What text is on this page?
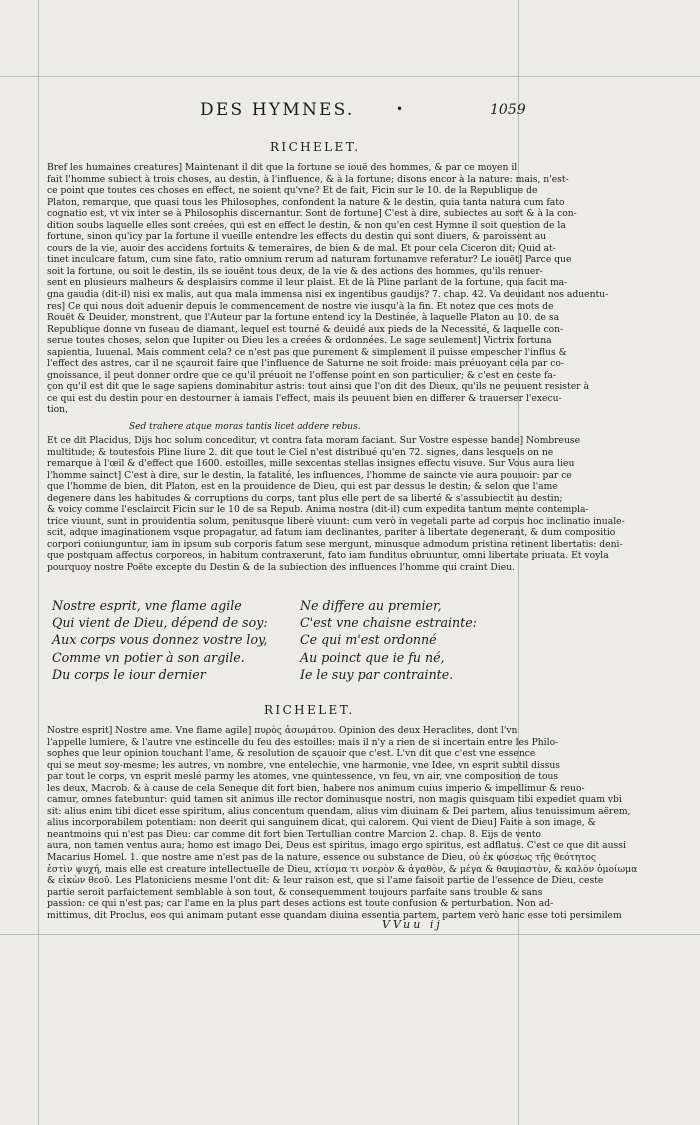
DES HYMNES.	•	1059
RICHELET.
Bref les humaines creatures] Maintenant il dit que la fortune se iouë des hommes, & par ce moyen il
fait l'homme subiect à trois choses, au destin, à l'influence, & à la fortune; disons encor à la nature: mais, n'est-
ce point que toutes ces choses en effect, ne soient qu'vne? Et de fait, Ficin sur le 10. de la Republique de
Platon, remarque, que quasi tous les Philosophes, confondent la nature & le destin, quia tanta natura cum fato
cognatio est, vt vix inter se à Philosophis discernantur. Sont de fortune] C'est à dire, subiectes au sort & à la con-
dition soubs laquelle elles sont creées, qui est en effect le destin, & non qu'en cest Hymne il soit question de la
fortune, sinon qu'icy par la fortune il vueille entendre les effects du destin qui sont diuers, & paroissent au
cours de la vie, auoir des accidens fortuits & temeraires, de bien & de mal. Et pour cela Ciceron dit; Quid at-
tinet inculcare fatum, cum sine fato, ratio omnium rerum ad naturam fortunamve referatur? Le iouët] Parce que
soit la fortune, ou soit le destin, ils se iouënt tous deux, de la vie & des actions des hommes, qu'ils renuer-
sent en plusieurs malheurs & desplaisirs comme il leur plaist. Et de là Pline parlant de la fortune, qua facit ma-
gna gaudia (dit-il) nisi ex malis, aut qua mala immensa nisi ex ingentibus gaudijs? 7. chap. 42. Va deuidant nos aduentu-
res] Ce qui nous doit aduenir depuis le commencement de nostre vie iusqu'à la fin. Et notez que ces mots de
Rouët & Deuider, monstrent, que l'Auteur par la fortune entend icy la Destinée, à laquelle Platon au 10. de sa
Republique donne vn fuseau de diamant, lequel est tourné & deuidé aux pieds de la Necessité, & laquelle con-
serue toutes choses, selon que Iupiter ou Dieu les a creées & ordonnées. Le sage seulement] Victrix fortuna
sapientia, Iuuenal. Mais comment cela? ce n'est pas que purement & simplement il puisse empescher l'influs &
l'effect des astres, car il ne sçauroit faire que l'influence de Saturne ne soit froide: mais préuoyant cela par co-
gnoissance, il peut donner ordre que ce qu'il préuoit ne l'offense point en son particulier; & c'est en ceste fa-
çon qu'il est dit que le sage sapiens dominabitur astris: tout ainsi que l'on dit des Dieux, qu'ils ne peuuent resister à
ce qui est du destin pour en destourner à iamais l'effect, mais ils peuuent bien en differer & trauerser l'execu-
tion,
Sed trahere atque moras tantis licet addere rebus.
Et ce dit Placidus, Dijs hoc solum conceditur, vt contra fata moram faciant. Sur Vostre espesse bande] Nombreuse
multitude; & toutesfois Pline liure 2. dit que tout le Ciel n'est distribué qu'en 72. signes, dans lesquels on ne
remarque à l'œil & d'effect que 1600. estoilles, mille sexcentas stellas insignes effectu visuve. Sur Vous aura lieu
l'homme sainct] C'est à dire, sur le destin, la fatalité, les influences, l'homme de saincte vie aura pouuoir: par ce
que l'homme de bien, dit Platon, est en la prouidence de Dieu, qui est par dessus le destin; & selon que l'ame
degenere dans les habitudes & corruptions du corps, tant plus elle pert de sa liberté & s'assubiectit au destin;
& voicy comme l'esclaircit Ficin sur le 10 de sa Repub. Anima nostra (dit-il) cum expedita tantum mente contempla-
trice viuunt, sunt in prouidentia solum, penitusque liberè viuunt: cum verò in vegetali parte ad corpus hoc inclinatio inuale-
scit, adque imaginationem vsque propagatur, ad fatum iam declinantes, pariter à libertate degenerant, & dum compositio
corpori coniunguntur, iam in ipsum sub corporis fatum sese mergunt, minusque admodum pristina retinent libertatis: deni-
que postquam affectus corporeos, in habitum contraxerunt, fato iam funditus obruuntur, omni libertate priuata. Et voyla
pourquoy nostre Poëte excepte du Destin & de la subiection des influences l'homme qui craint Dieu.
Nostre esprit, vne flame agile
Qui vient de Dieu, dépend de soy:
Aux corps vous donnez vostre loy,
Comme vn potier à son argile.
Du corps le iour dernier
Ne differe au premier,
C'est vne chaisne estrainte:
Ce qui m'est ordonné
Au poinct que ie fu né,
Ie le suy par contrainte.
RICHELET.
Nostre esprit] Nostre ame. Vne flame agile] πυρὸς ἀσωμάτου. Opinion des deux Heraclites, dont l'vn
l'appelle lumiere, & l'autre vne estincelle du feu des estoilles: mais il n'y a rien de si incertain entre les Philo-
sophes que leur opinion touchant l'ame, & resolution de sçauoir que c'est. L'vn dit que c'est vne essence
qui se meut soy-mesme; les autres, vn nombre, vne entelechie, vne harmonie, vne Idee, vn esprit subtil dissus
par tout le corps, vn esprit meslé parmy les atomes, vne quintessence, vn feu, vn air, vne composition de tous
les deux, Macrob. & à cause de cela Seneque dit fort bien, habere nos animum cuius imperio & impellimur & reuo-
camur, omnes fatebuntur: quid tamen sit animus ille rector dominusque nostri, non magis quisquam tibi expediet quam vbi
sit: alius enim tibi dicet esse spiritum, alius concentum quendam, alius vim diuinam & Dei partem, alius tenuissimum aërem,
alius incorporabilem potentiam: non deerit qui sanguinem dicat, qui calorem. Qui vient de Dieu] Faite à son image, &
neantmoins qui n'est pas Dieu: car comme dit fort bien Tertullian contre Marcion 2. chap. 8. Eijs de vento
aura, non tamen ventus aura; homo est imago Dei, Deus est spiritus, imago ergo spiritus, est adflatus. C'est ce que dit aussi
Macarius Homel. 1. que nostre ame n'est pas de la nature, essence ou substance de Dieu, οὐ ἐκ φύσεως τῆς θεότητος
ἐστὶν ψυχή, mais elle est creature intellectuelle de Dieu, κτίσμα τι νοερὸν & ἀγαθὸν, & μέγα & θαυμαστὸν, & καλὸν ὁμοίωμα
& εἰκὼν θεοῦ. Les Platoniciens mesme l'ont dit: & leur raison est, que si l'ame faisoit partie de l'essence de Dieu, ceste
partie seroit parfaictement semblable à son tout, & consequemment toujours parfaite sans trouble & sans
passion: ce qui n'est pas; car l'ame en la plus part deses actions est toute confusion & perturbation. Non ad-
mittimus, dit Proclus, eos qui animam putant esse quandam diuina essentia partem, partem verò hanc esse toti persimilem
VVuu ij
